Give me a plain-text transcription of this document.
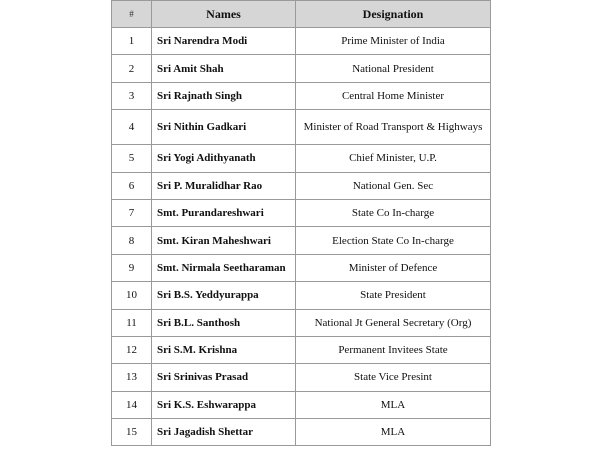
#	Names	Designation
1	Sri Narendra Modi	Prime Minister of India
2	Sri Amit Shah	National President
3	Sri Rajnath Singh	Central Home Minister
4	Sri Nithin Gadkari	Minister of Road Transport & Highways
5	Sri Yogi Adithyanath	Chief Minister, U.P.
6	Sri P. Muralidhar Rao	National Gen. Sec
7	Smt. Purandareshwari	State Co In-charge
8	Smt. Kiran Maheshwari	Election State Co In-charge
9	Smt. Nirmala Seetharaman	Minister of Defence
10	Sri B.S. Yeddyurappa	State President
11	Sri B.L. Santhosh	National Jt General Secretary (Org)
12	Sri S.M. Krishna	Permanent Invitees State
13	Sri Srinivas Prasad	State Vice Presint
14	Sri K.S. Eshwarappa	MLA
15	Sri Jagadish Shettar	MLA
